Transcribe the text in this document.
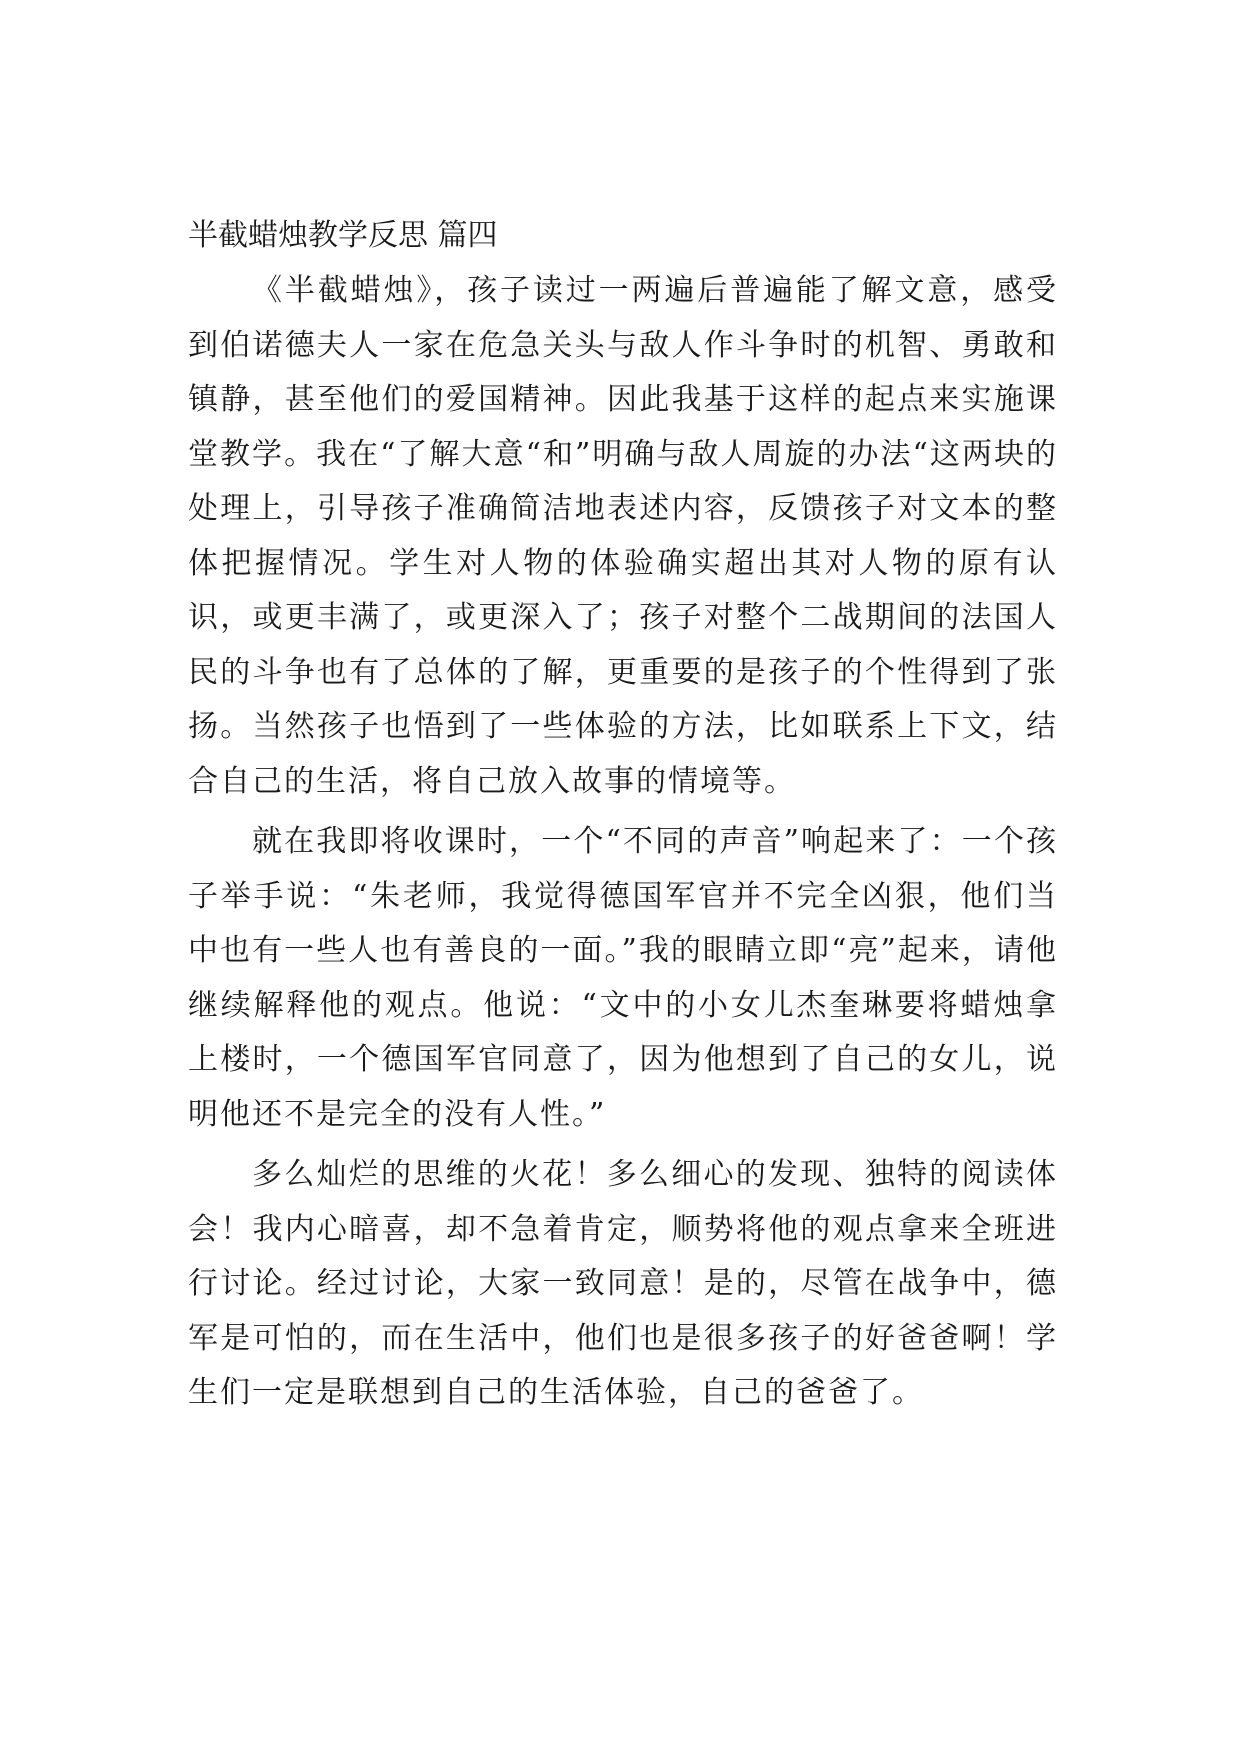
半截蜡烛教学反思 篇四

《半截蜡烛》，孩子读过一两遍后普遍能了解文意，感受到伯诺德夫人一家在危急关头与敌人作斗争时的机智、勇敢和镇静，甚至他们的爱国精神。因此我基于这样的起点来实施课堂教学。我在“了解大意“和”明确与敌人周旋的办法“这两块的处理上，引导孩子准确简洁地表述内容，反馈孩子对文本的整体把握情况。学生对人物的体验确实超出其对人物的原有认识，或更丰满了，或更深入了；孩子对整个二战期间的法国人民的斗争也有了总体的了解，更重要的是孩子的个性得到了张扬。当然孩子也悟到了一些体验的方法，比如联系上下文，结合自己的生活，将自己放入故事的情境等。

就在我即将收课时，一个“不同的声音”响起来了：一个孩子举手说：“朱老师，我觉得德国军官并不完全凶狠，他们当中也有一些人也有善良的一面。”我的眼睛立即“亮”起来，请他继续解释他的观点。他说：“文中的小女儿杰奎琳要将蜡烛拿上楼时，一个德国军官同意了，因为他想到了自己的女儿，说明他还不是完全的没有人性。”

多么灿烂的思维的火花！多么细心的发现、独特的阅读体会！我内心暗喜，却不急着肯定，顺势将他的观点拿来全班进行讨论。经过讨论，大家一致同意！是的，尽管在战争中，德军是可怕的，而在生活中，他们也是很多孩子的好爸爸啊！学生们一定是联想到自己的生活体验，自己的爸爸了。
